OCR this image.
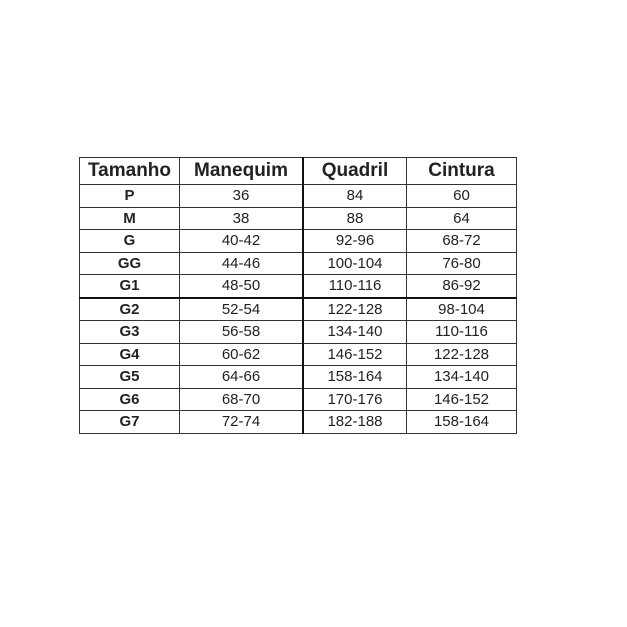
Tamanho	Manequim	Quadril	Cintura
P	36	84	60
M	38	88	64
G	40-42	92-96	68-72
GG	44-46	100-104	76-80
G1	48-50	110-116	86-92
G2	52-54	122-128	98-104
G3	56-58	134-140	110-116
G4	60-62	146-152	122-128
G5	64-66	158-164	134-140
G6	68-70	170-176	146-152
G7	72-74	182-188	158-164
